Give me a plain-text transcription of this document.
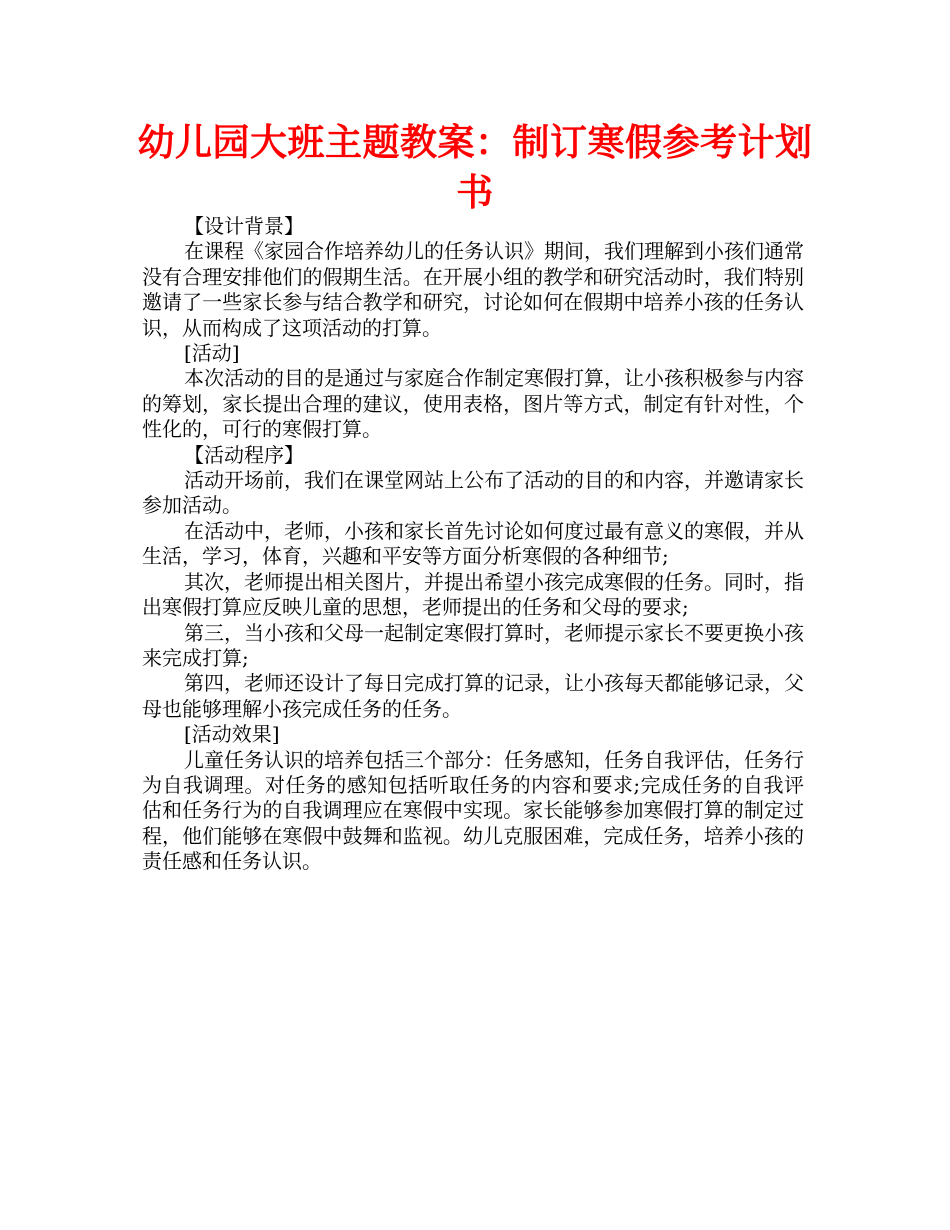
幼儿园大班主题教案：制订寒假参考计划书

【设计背景】

在课程《家园合作培养幼儿的任务认识》期间，我们理解到小孩们通常没有合理安排他们的假期生活。在开展小组的教学和研究活动时，我们特别邀请了一些家长参与结合教学和研究，讨论如何在假期中培养小孩的任务认识，从而构成了这项活动的打算。

[活动]

本次活动的目的是通过与家庭合作制定寒假打算，让小孩积极参与内容的筹划，家长提出合理的建议，使用表格，图片等方式，制定有针对性，个性化的，可行的寒假打算。

【活动程序】

活动开场前，我们在课堂网站上公布了活动的目的和内容，并邀请家长参加活动。

在活动中，老师，小孩和家长首先讨论如何度过最有意义的寒假，并从生活，学习，体育，兴趣和平安等方面分析寒假的各种细节;

其次，老师提出相关图片，并提出希望小孩完成寒假的任务。同时，指出寒假打算应反映儿童的思想，老师提出的任务和父母的要求;

第三，当小孩和父母一起制定寒假打算时，老师提示家长不要更换小孩来完成打算;

第四，老师还设计了每日完成打算的记录，让小孩每天都能够记录，父母也能够理解小孩完成任务的任务。

[活动效果]

儿童任务认识的培养包括三个部分：任务感知，任务自我评估，任务行为自我调理。对任务的感知包括听取任务的内容和要求;完成任务的自我评估和任务行为的自我调理应在寒假中实现。家长能够参加寒假打算的制定过程，他们能够在寒假中鼓舞和监视。幼儿克服困难，完成任务，培养小孩的责任感和任务认识。
